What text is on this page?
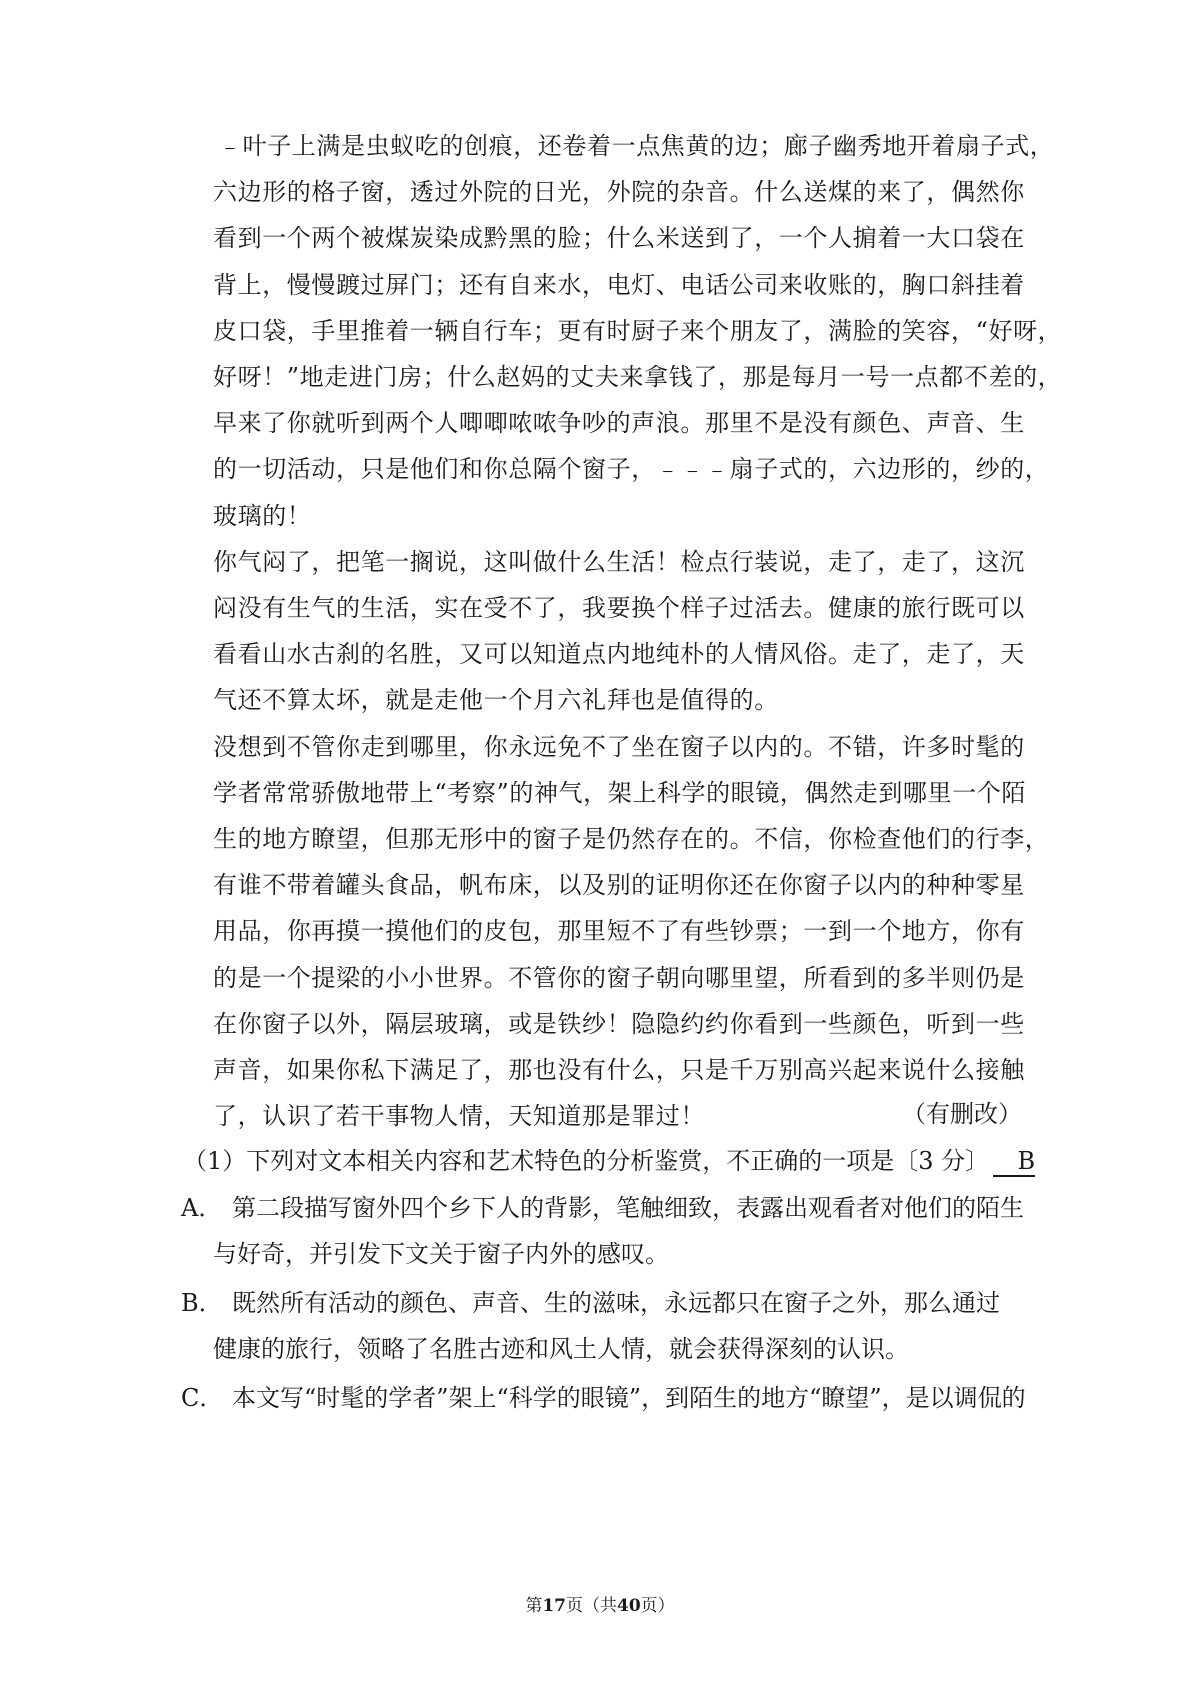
﹣叶子上满是虫蚁吃的创痕，还卷着一点焦黄的边；廊子幽秀地开着扇子式，
六边形的格子窗，透过外院的日光，外院的杂音。什么送煤的来了，偶然你
看到一个两个被煤炭染成黔黑的脸；什么米送到了，一个人掮着一大口袋在
背上，慢慢踱过屏门；还有自来水，电灯、电话公司来收账的，胸口斜挂着
皮口袋，手里推着一辆自行车；更有时厨子来个朋友了，满脸的笑容，“好呀，
好呀！”地走进门房；什么赵妈的丈夫来拿钱了，那是每月一号一点都不差的，
早来了你就听到两个人唧唧哝哝争吵的声浪。那里不是没有颜色、声音、生
的一切活动，只是他们和你总隔个窗子，﹣﹣﹣扇子式的，六边形的，纱的，
玻璃的！
你气闷了，把笔一搁说，这叫做什么生活！检点行装说，走了，走了，这沉
闷没有生气的生活，实在受不了，我要换个样子过活去。健康的旅行既可以
看看山水古刹的名胜，又可以知道点内地纯朴的人情风俗。走了，走了，天
气还不算太坏，就是走他一个月六礼拜也是值得的。
没想到不管你走到哪里，你永远免不了坐在窗子以内的。不错，许多时髦的
学者常常骄傲地带上“考察”的神气，架上科学的眼镜，偶然走到哪里一个陌
生的地方瞭望，但那无形中的窗子是仍然存在的。不信，你检查他们的行李，
有谁不带着罐头食品，帆布床，以及别的证明你还在你窗子以内的种种零星
用品，你再摸一摸他们的皮包，那里短不了有些钞票；一到一个地方，你有
的是一个提梁的小小世界。不管你的窗子朝向哪里望，所看到的多半则仍是
在你窗子以外，隔层玻璃，或是铁纱！隐隐约约你看到一些颜色，听到一些
声音，如果你私下满足了，那也没有什么，只是千万别高兴起来说什么接触
了，认识了若干事物人情，天知道那是罪过！	（有删改）
（1）下列对文本相关内容和艺术特色的分析鉴赏，不正确的一项是〔3 分〕 B
A． 第二段描写窗外四个乡下人的背影，笔触细致，表露出观看者对他们的陌生
与好奇，并引发下文关于窗子内外的感叹。
B． 既然所有活动的颜色、声音、生的滋味，永远都只在窗子之外，那么通过
健康的旅行，领略了名胜古迹和风土人情，就会获得深刻的认识。
C． 本文写“时髦的学者”架上“科学的眼镜”，到陌生的地方“瞭望”，是以调侃的
第17页（共40页）
